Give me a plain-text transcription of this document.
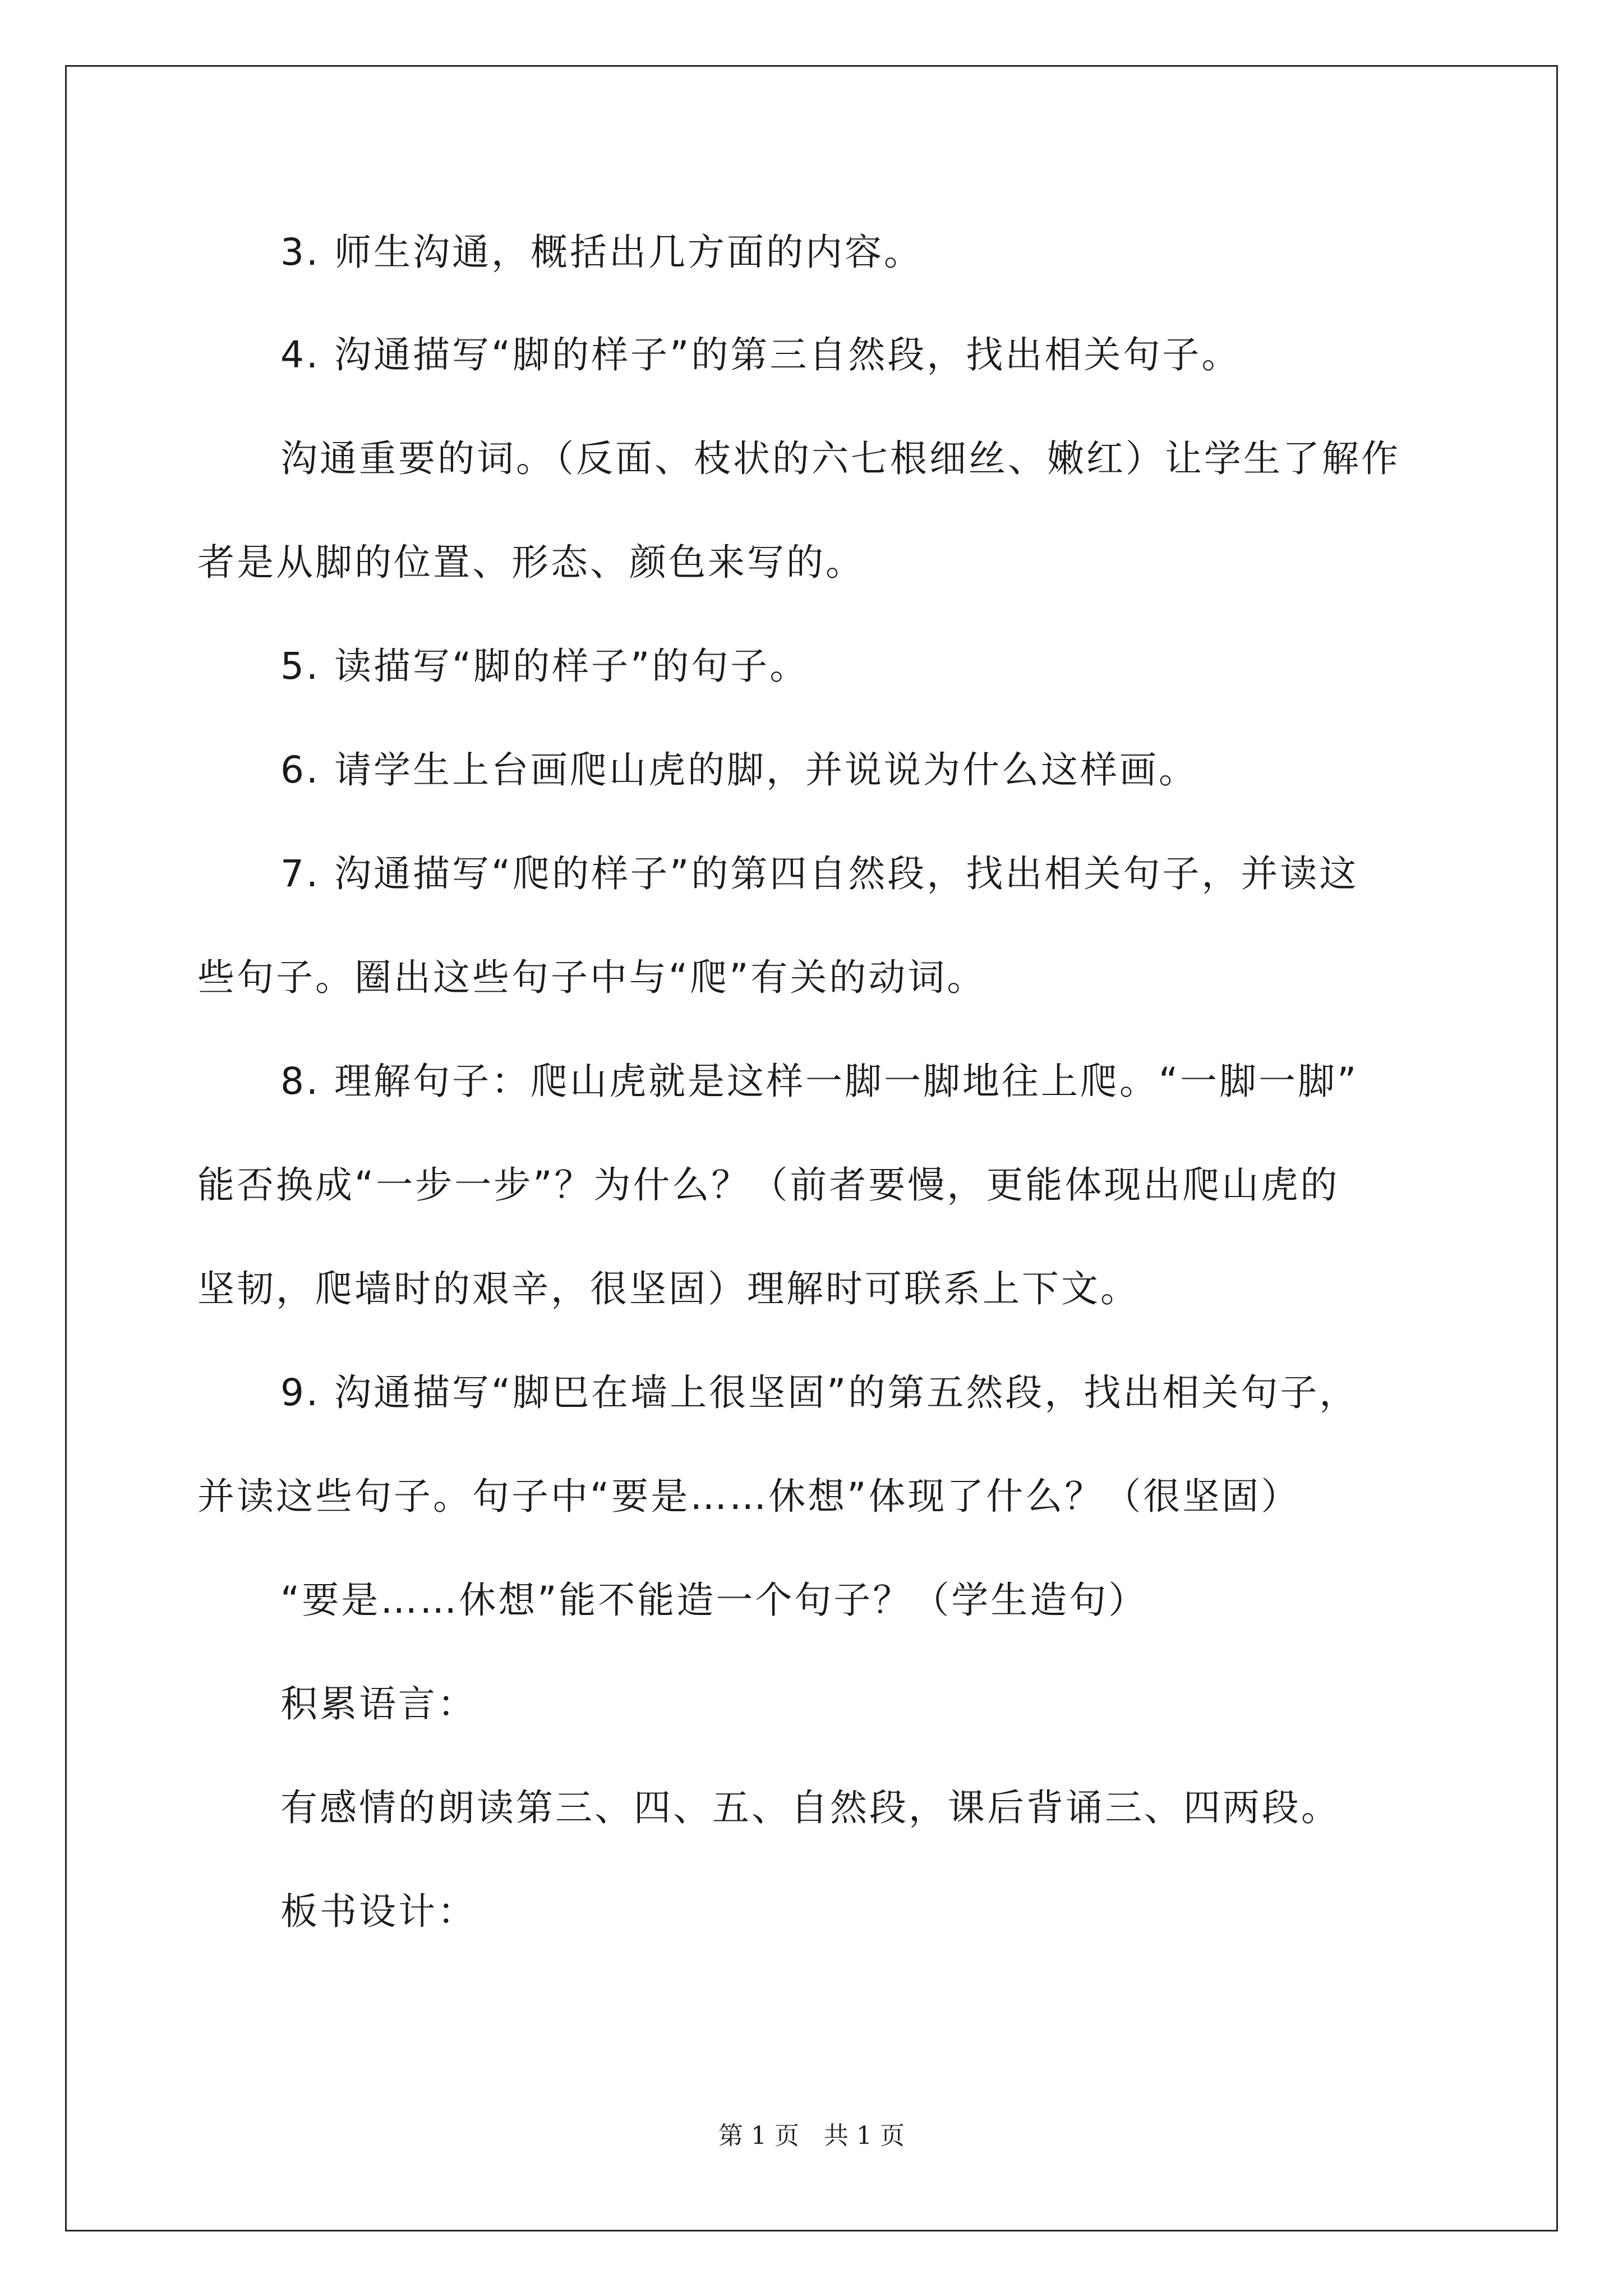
3. 师生沟通，概括出几方面的内容。
4. 沟通描写“脚的样子”的第三自然段，找出相关句子。
沟通重要的词。（反面、枝状的六七根细丝、嫩红）让学生了解作
者是从脚的位置、形态、颜色来写的。
5. 读描写“脚的样子”的句子。
6. 请学生上台画爬山虎的脚，并说说为什么这样画。
7. 沟通描写“爬的样子”的第四自然段，找出相关句子，并读这
些句子。圈出这些句子中与“爬”有关的动词。
8. 理解句子：爬山虎就是这样一脚一脚地往上爬。“一脚一脚”
能否换成“一步一步”？为什么？（前者要慢，更能体现出爬山虎的
坚韧，爬墙时的艰辛，很坚固）理解时可联系上下文。
9. 沟通描写“脚巴在墙上很坚固”的第五然段，找出相关句子，
并读这些句子。句子中“要是……休想”体现了什么？（很坚固）
“要是……休想”能不能造一个句子？（学生造句）
积累语言：
有感情的朗读第三、四、五、自然段，课后背诵三、四两段。
板书设计：
第 1 页　共 1 页
